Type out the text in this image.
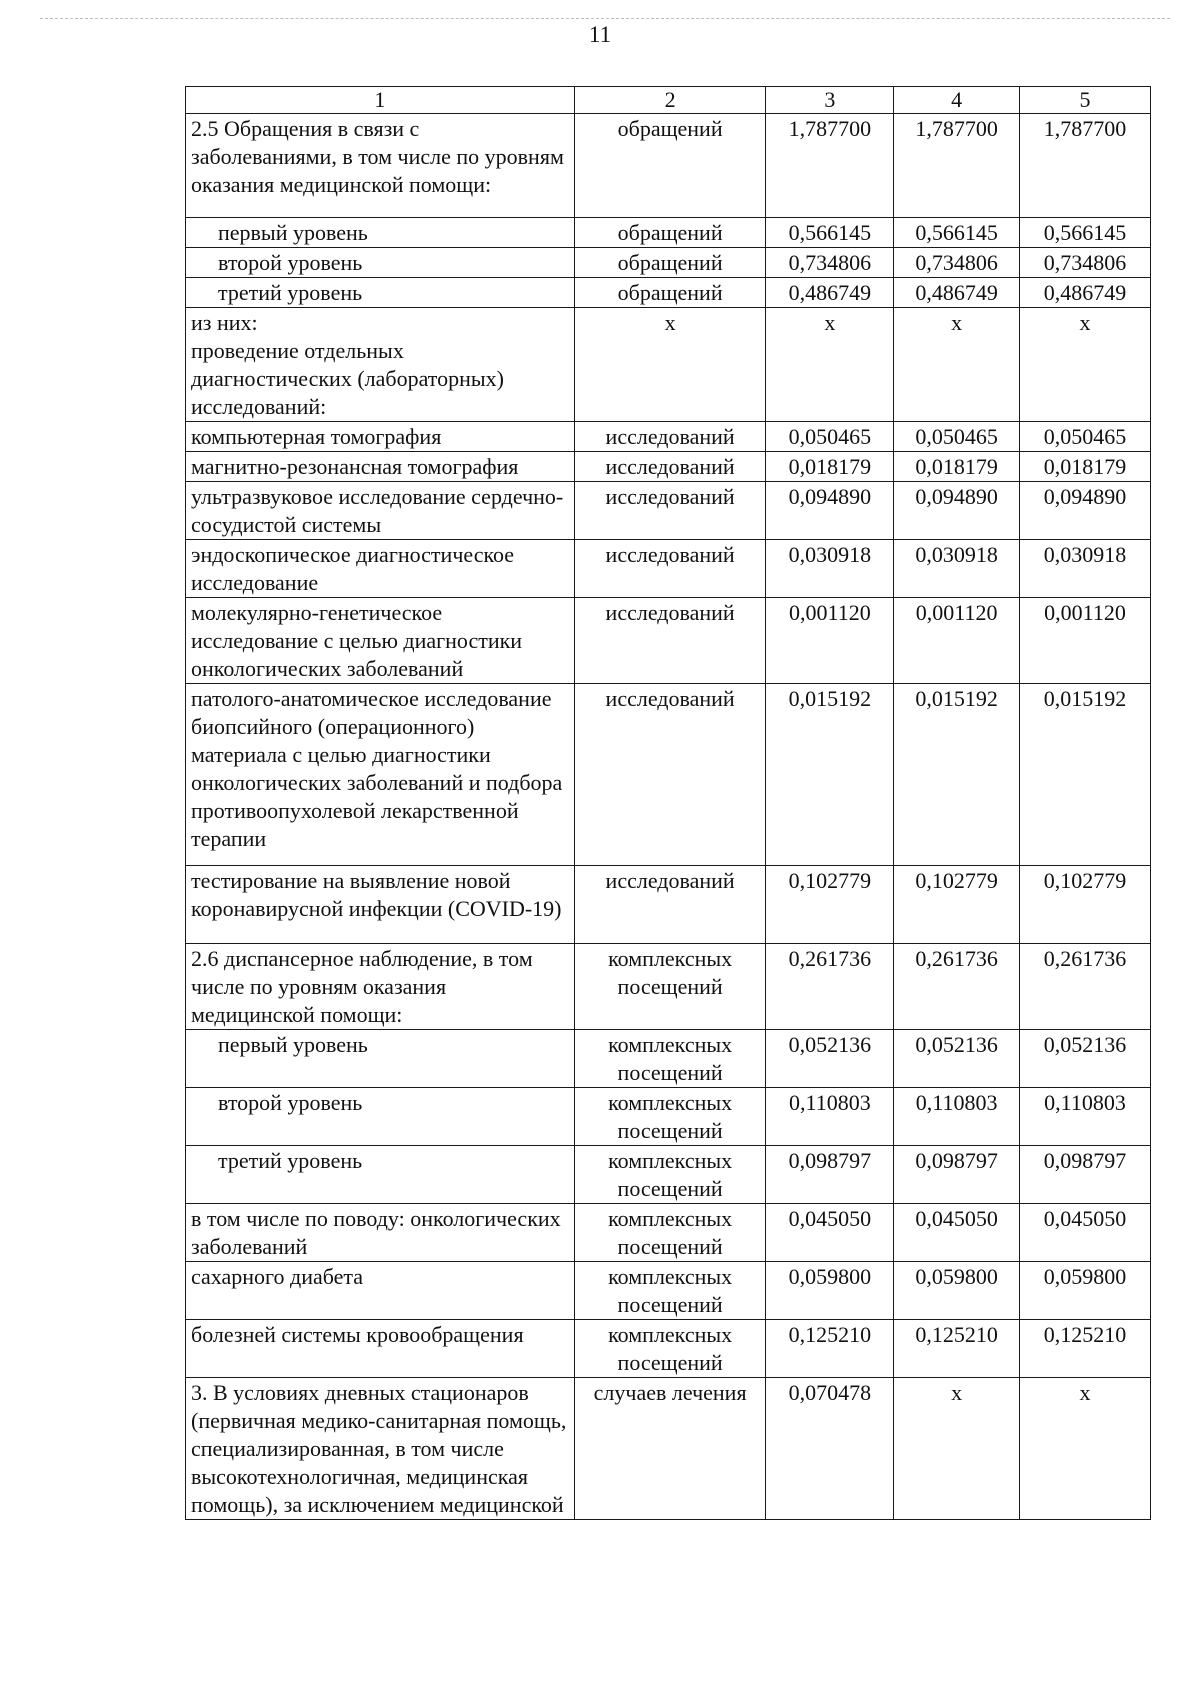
11
1	2	3	4	5
2.5 Обращения в связи с заболеваниями, в том числе по уровням оказания медицинской помощи:	обращений	1,787700	1,787700	1,787700
первый уровень	обращений	0,566145	0,566145	0,566145
второй уровень	обращений	0,734806	0,734806	0,734806
третий уровень	обращений	0,486749	0,486749	0,486749
из них:
проведение отдельных диагностических (лабораторных) исследований:	х	х	х	х
компьютерная томография	исследований	0,050465	0,050465	0,050465
магнитно-резонансная томография	исследований	0,018179	0,018179	0,018179
ультразвуковое исследование сердечно-сосудистой системы	исследований	0,094890	0,094890	0,094890
эндоскопическое диагностическое исследование	исследований	0,030918	0,030918	0,030918
молекулярно-генетическое исследование с целью диагностики онкологических заболеваний	исследований	0,001120	0,001120	0,001120
патолого-анатомическое исследование биопсийного (операционного) материала с целью диагностики онкологических заболеваний и подбора противоопухолевой лекарственной терапии	исследований	0,015192	0,015192	0,015192
тестирование на выявление новой коронавирусной инфекции (COVID-19)	исследований	0,102779	0,102779	0,102779
2.6 диспансерное наблюдение, в том числе по уровням оказания медицинской помощи:	комплексных посещений	0,261736	0,261736	0,261736
первый уровень	комплексных посещений	0,052136	0,052136	0,052136
второй уровень	комплексных посещений	0,110803	0,110803	0,110803
третий уровень	комплексных посещений	0,098797	0,098797	0,098797
в том числе по поводу: онкологических заболеваний	комплексных посещений	0,045050	0,045050	0,045050
сахарного диабета	комплексных посещений	0,059800	0,059800	0,059800
болезней системы кровообращения	комплексных посещений	0,125210	0,125210	0,125210
3. В условиях дневных стационаров (первичная медико-санитарная помощь, специализированная, в том числе высокотехнологичная, медицинская помощь), за исключением медицинской	случаев лечения	0,070478	х	х
